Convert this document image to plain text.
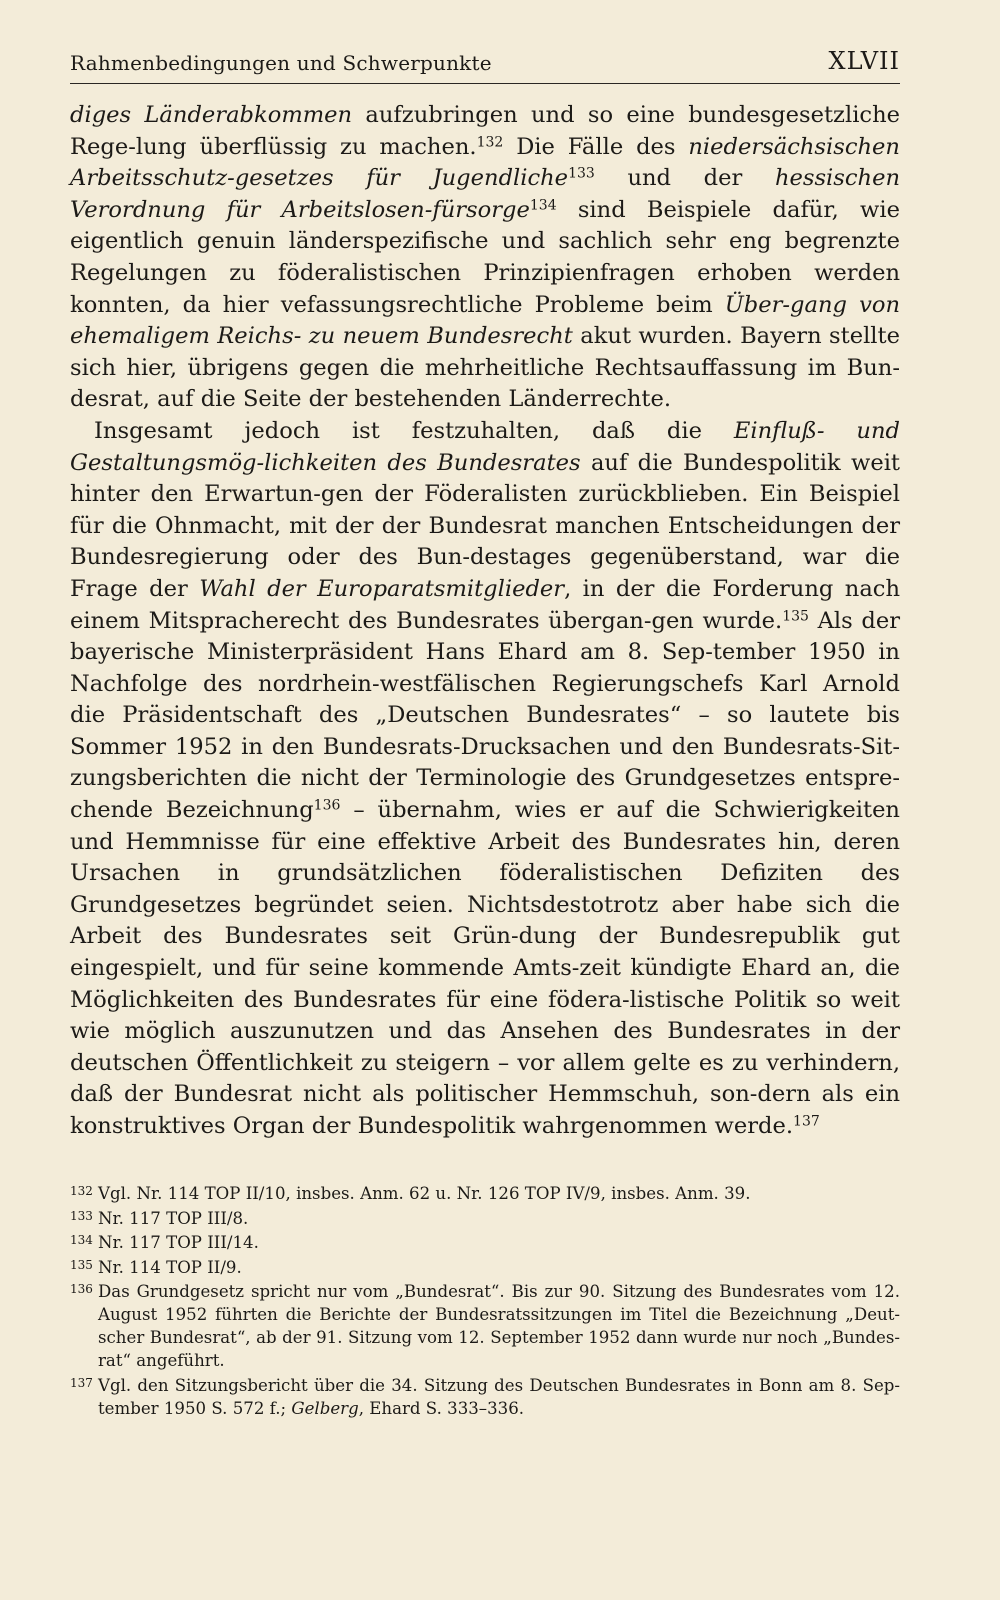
Rahmenbedingungen und Schwerpunkte	XLVII

diges Länderabkommen aufzubringen und so eine bundesgesetzliche Rege-lung überflüssig zu machen.$^{132}$ Die Fälle des niedersächsischen Arbeitsschutz-gesetzes für Jugendliche$^{133}$ und der hessischen Verordnung für Arbeitslosen-fürsorge$^{134}$ sind Beispiele dafür, wie eigentlich genuin länderspezifische und sachlich sehr eng begrenzte Regelungen zu föderalistischen Prinzipienfragen erhoben werden konnten, da hier vefassungsrechtliche Probleme beim Über-gang von ehemaligem Reichs- zu neuem Bundesrecht akut wurden. Bayern stellte sich hier, übrigens gegen die mehrheitliche Rechtsauffassung im Bun-desrat, auf die Seite der bestehenden Länderrechte.

Insgesamt jedoch ist festzuhalten, daß die Einfluß- und Gestaltungsmög-lichkeiten des Bundesrates auf die Bundespolitik weit hinter den Erwartun-gen der Föderalisten zurückblieben. Ein Beispiel für die Ohnmacht, mit der der Bundesrat manchen Entscheidungen der Bundesregierung oder des Bun-destages gegenüberstand, war die Frage der Wahl der Europaratsmitglieder, in der die Forderung nach einem Mitspracherecht des Bundesrates übergan-gen wurde.$^{135}$ Als der bayerische Ministerpräsident Hans Ehard am 8. Sep-tember 1950 in Nachfolge des nordrhein-westfälischen Regierungschefs Karl Arnold die Präsidentschaft des „Deutschen Bundesrates“ – so lautete bis Sommer 1952 in den Bundesrats-Drucksachen und den Bundesrats-Sit-zungsberichten die nicht der Terminologie des Grundgesetzes entspre-chende Bezeichnung$^{136}$ – übernahm, wies er auf die Schwierigkeiten und Hemmnisse für eine effektive Arbeit des Bundesrates hin, deren Ursachen in grundsätzlichen föderalistischen Defiziten des Grundgesetzes begründet seien. Nichtsdestotrotz aber habe sich die Arbeit des Bundesrates seit Grün-dung der Bundesrepublik gut eingespielt, und für seine kommende Amts-zeit kündigte Ehard an, die Möglichkeiten des Bundesrates für eine födera-listische Politik so weit wie möglich auszunutzen und das Ansehen des Bundesrates in der deutschen Öffentlichkeit zu steigern – vor allem gelte es zu verhindern, daß der Bundesrat nicht als politischer Hemmschuh, son-dern als ein konstruktives Organ der Bundespolitik wahrgenommen werde.$^{137}$

132 Vgl. Nr. 114 TOP II/10, insbes. Anm. 62 u. Nr. 126 TOP IV/9, insbes. Anm. 39.
133 Nr. 117 TOP III/8.
134 Nr. 117 TOP III/14.
135 Nr. 114 TOP II/9.
136 Das Grundgesetz spricht nur vom „Bundesrat“. Bis zur 90. Sitzung des Bundesrates vom 12. August 1952 führten die Berichte der Bundesratssitzungen im Titel die Bezeichnung „Deut-scher Bundesrat“, ab der 91. Sitzung vom 12. September 1952 dann wurde nur noch „Bundes-rat“ angeführt.
137 Vgl. den Sitzungsbericht über die 34. Sitzung des Deutschen Bundesrates in Bonn am 8. Sep-tember 1950 S. 572 f.; Gelberg, Ehard S. 333–336.
